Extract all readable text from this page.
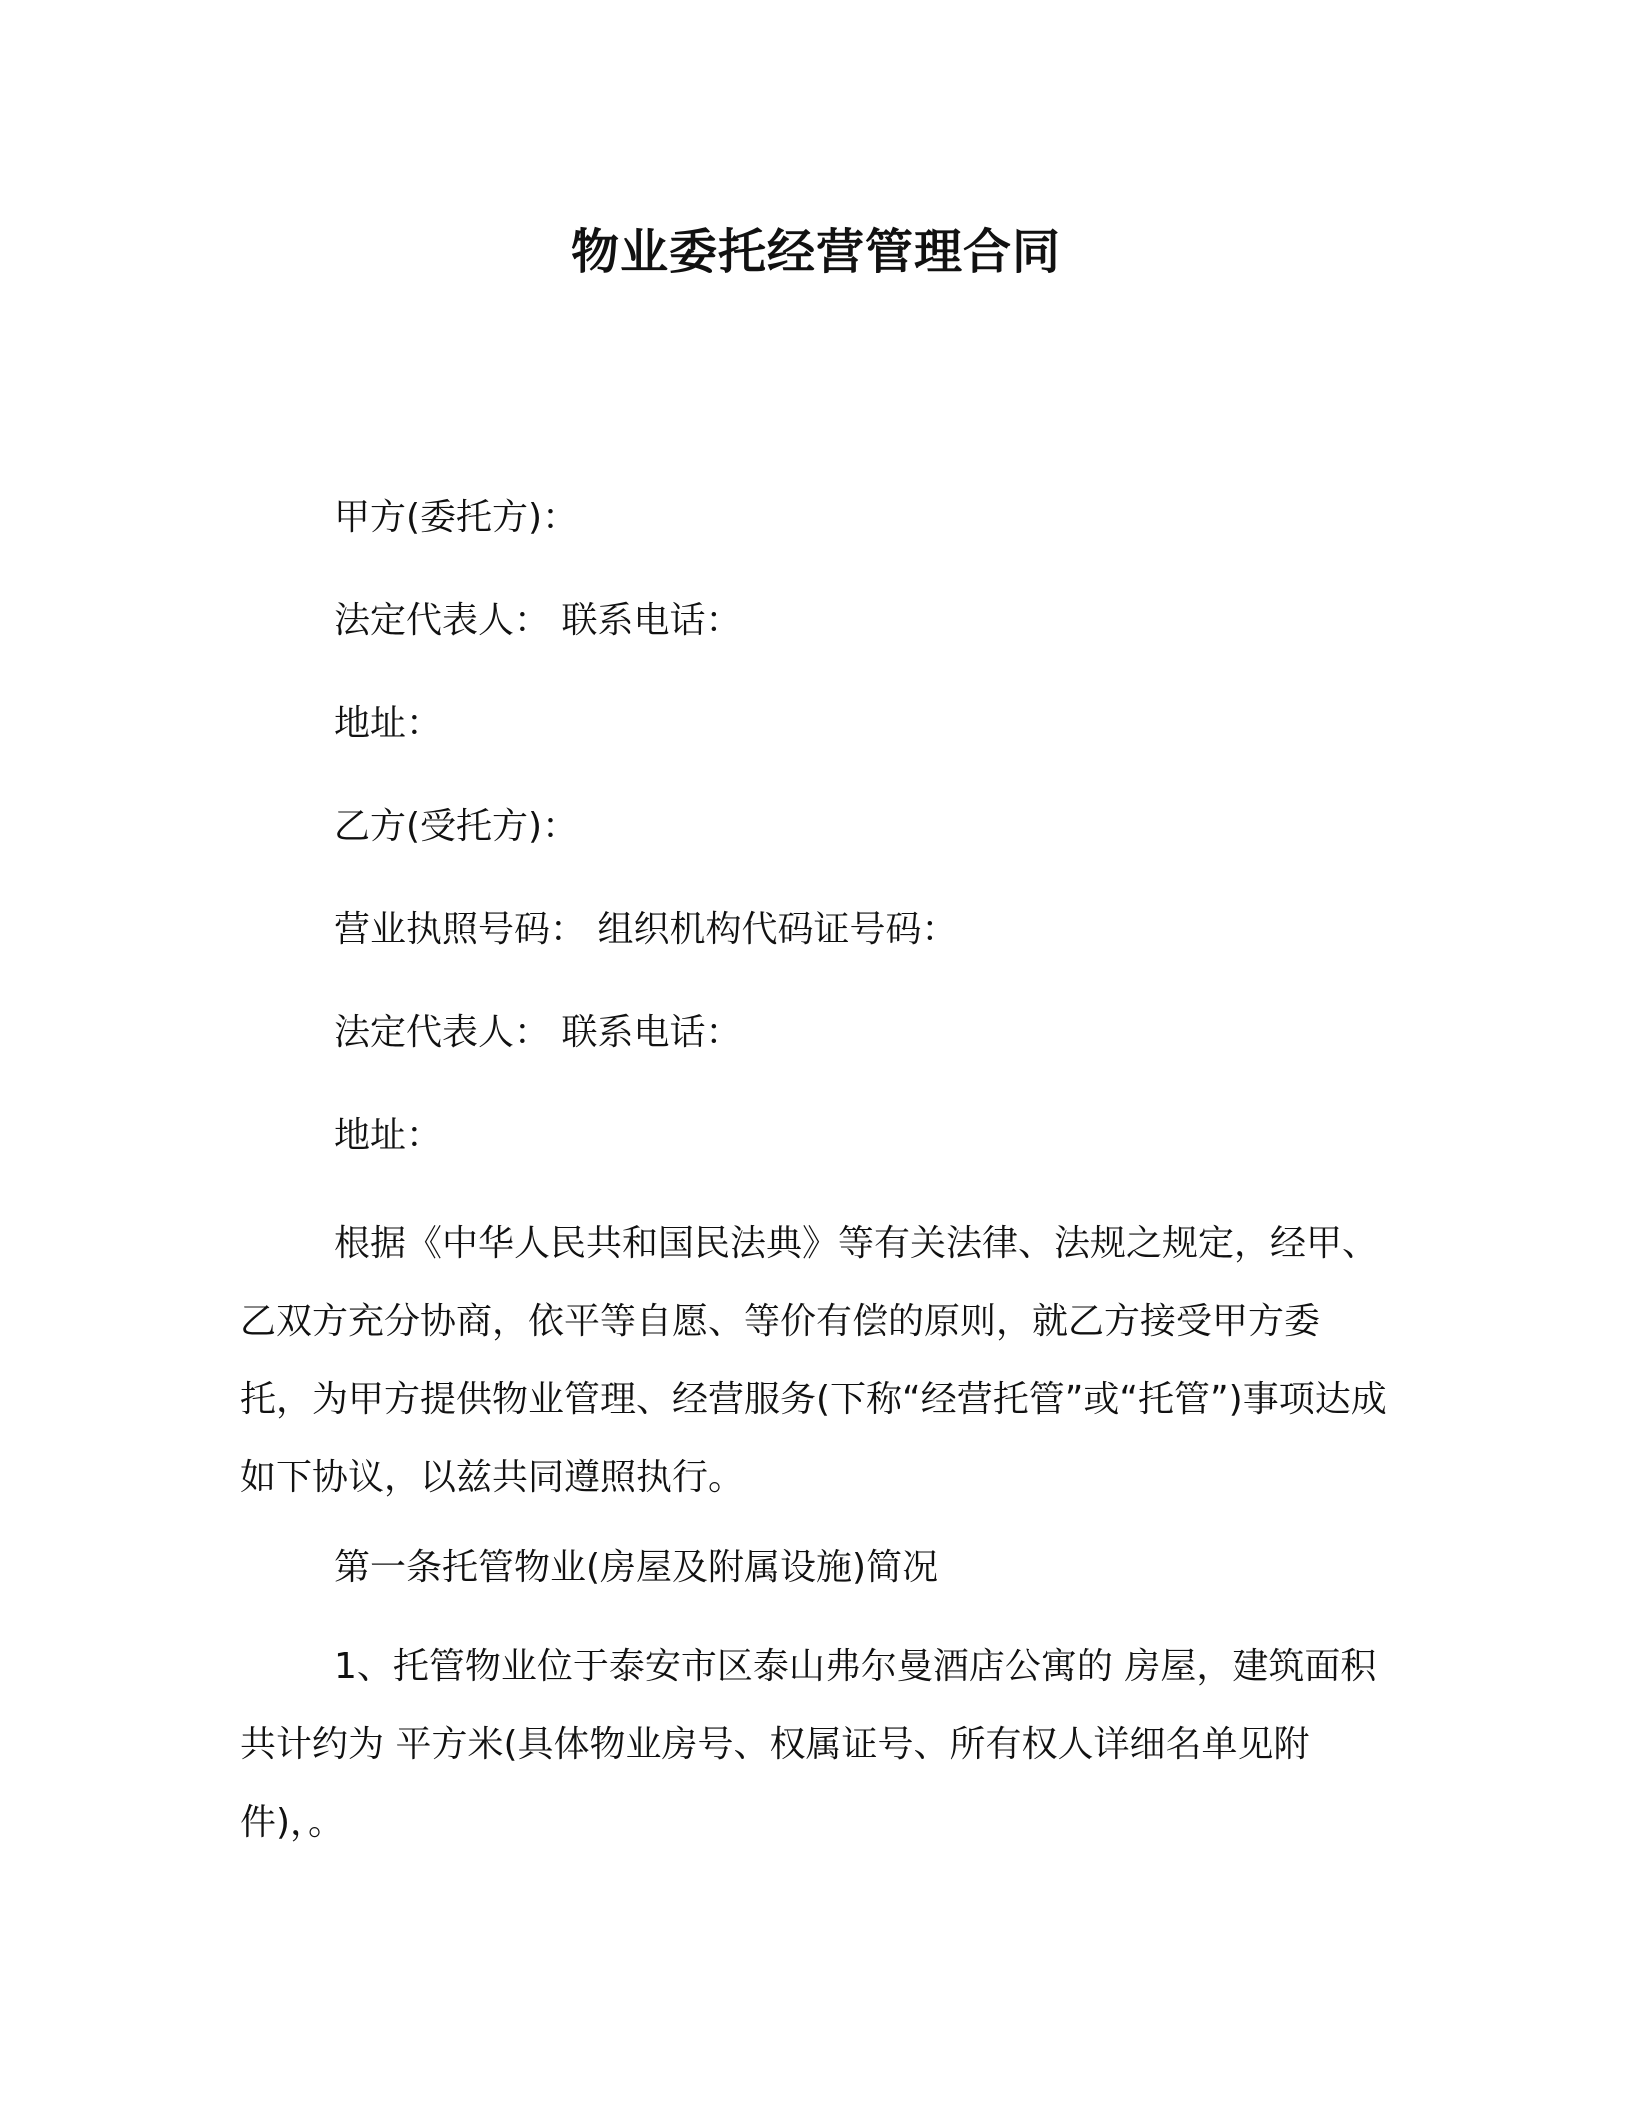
物业委托经营管理合同
甲方(委托方)：
法定代表人： 联系电话：
地址：
乙方(受托方)：
营业执照号码： 组织机构代码证号码：
法定代表人： 联系电话：
地址：

根据《中华人民共和国民法典》等有关法律、法规之规定，经甲、乙双方充分协商，依平等自愿、等价有偿的原则，就乙方接受甲方委托，为甲方提供物业管理、经营服务(下称“经营托管”或“托管”)事项达成如下协议，以兹共同遵照执行。

第一条托管物业(房屋及附属设施)简况

1、托管物业位于泰安市区泰山弗尔曼酒店公寓的 房屋，建筑面积共计约为 平方米(具体物业房号、权属证号、所有权人详细名单见附件)，。
